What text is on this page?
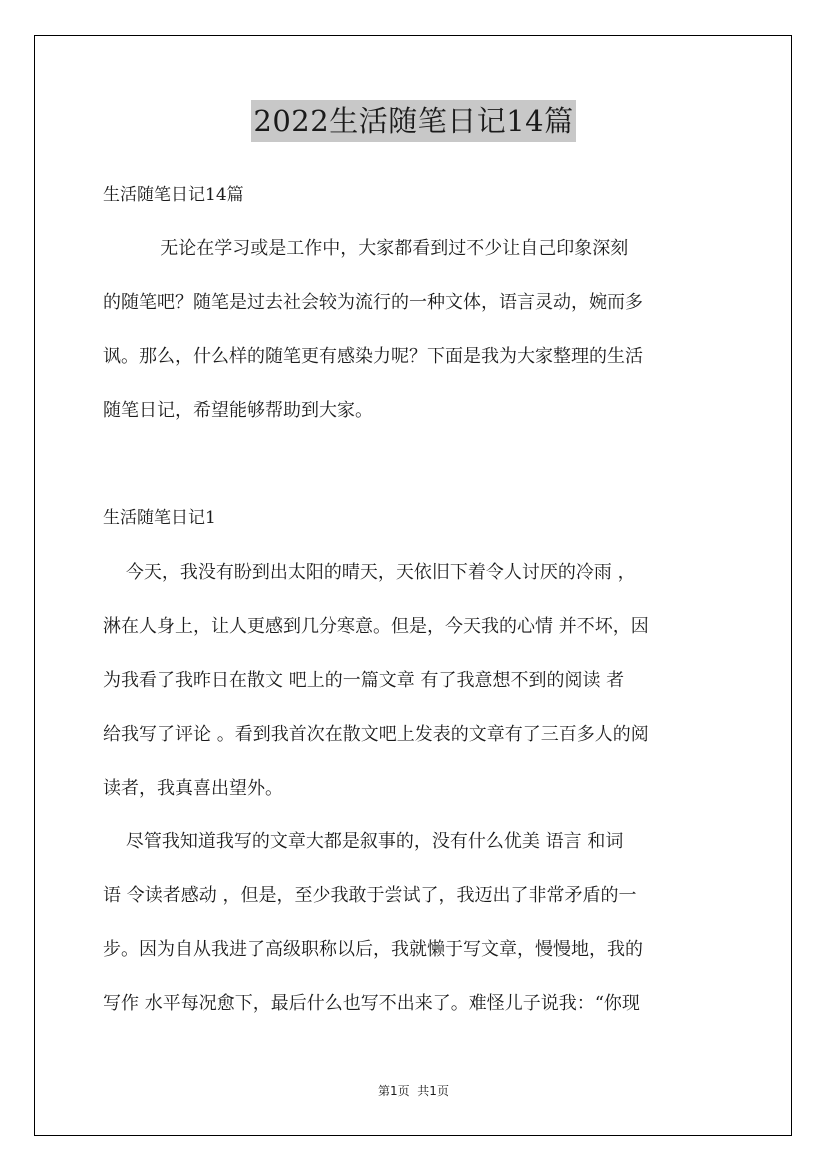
2022生活随笔日记14篇
生活随笔日记14篇
无论在学习或是工作中，大家都看到过不少让自己印象深刻
的随笔吧？随笔是过去社会较为流行的一种文体，语言灵动，婉而多
讽。那么，什么样的随笔更有感染力呢？下面是我为大家整理的生活
随笔日记，希望能够帮助到大家。
生活随笔日记1
今天，我没有盼到出太阳的晴天，天依旧下着令人讨厌的冷雨 ，
淋在人身上，让人更感到几分寒意。但是，今天我的心情 并不坏，因
为我看了我昨日在散文 吧上的一篇文章 有了我意想不到的阅读 者
给我写了评论 。看到我首次在散文吧上发表的文章有了三百多人的阅
读者，我真喜出望外。
尽管我知道我写的文章大都是叙事的，没有什么优美 语言 和词
语 令读者感动 ，但是，至少我敢于尝试了，我迈出了非常矛盾的一
步。因为自从我进了高级职称以后，我就懒于写文章，慢慢地，我的
写作 水平每况愈下，最后什么也写不出来了。难怪儿子说我：“你现
第1页  共1页
